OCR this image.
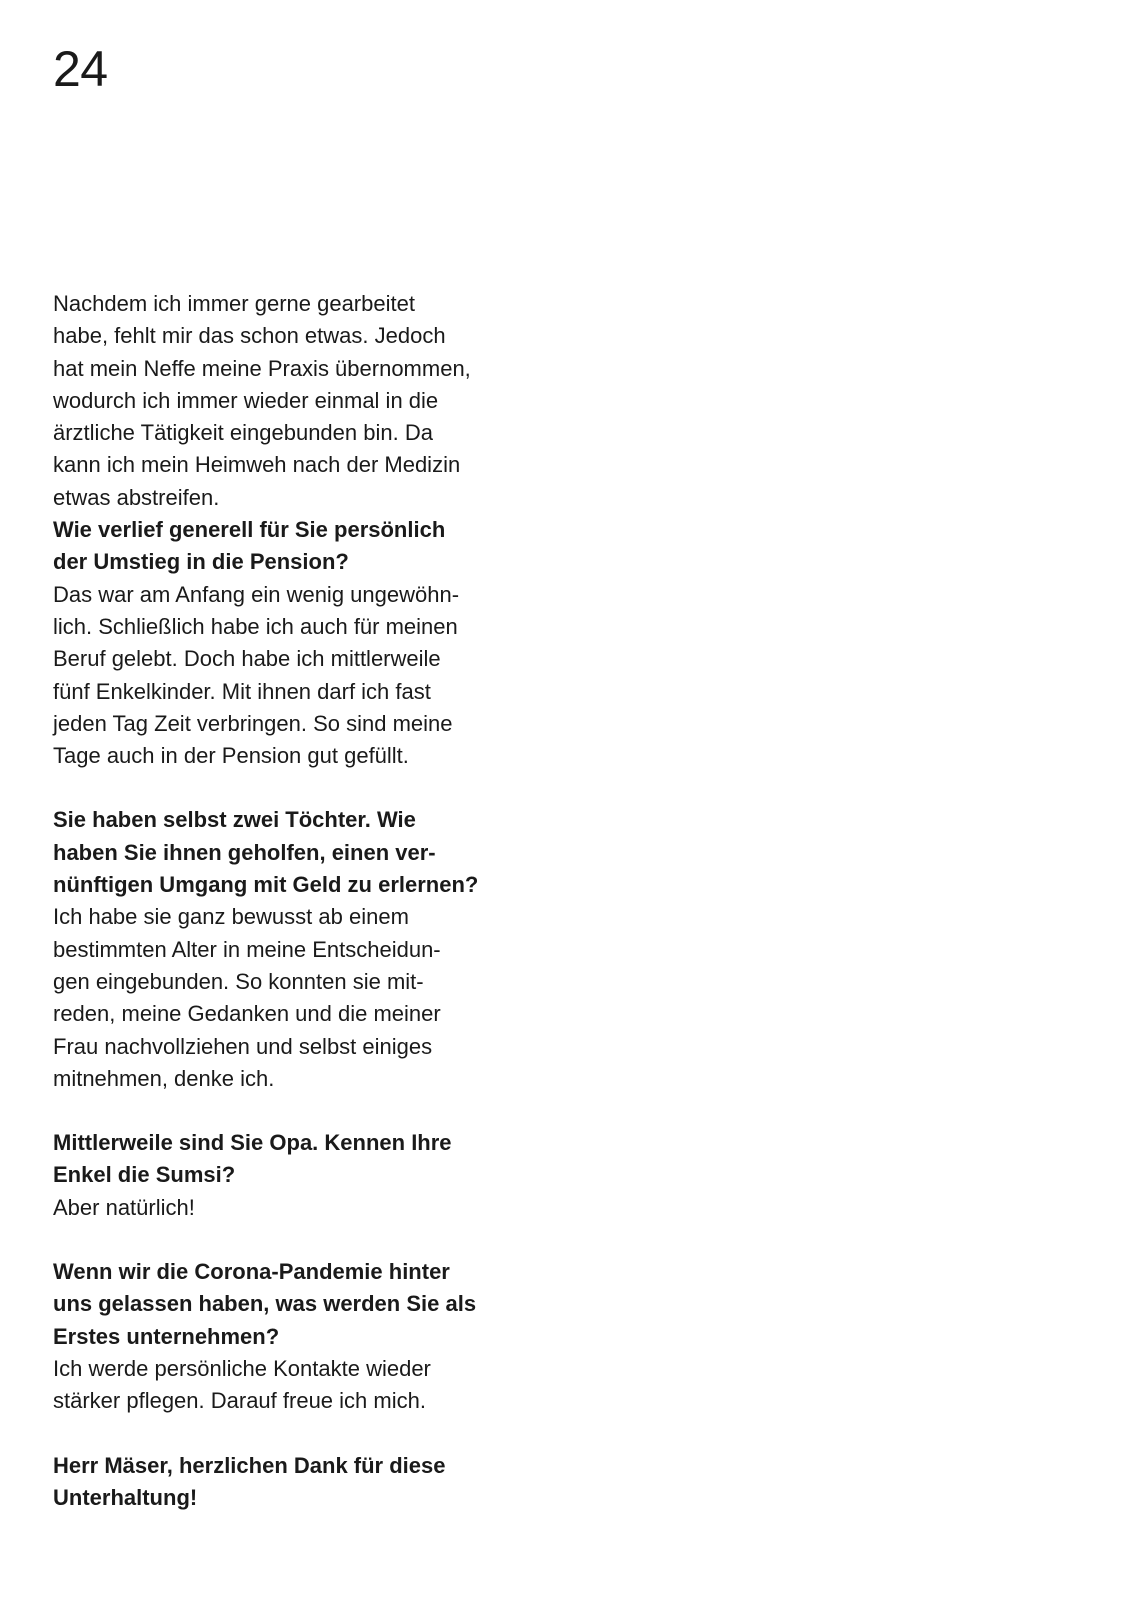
24

Nachdem ich immer gerne gearbeitet
habe, fehlt mir das schon etwas. Jedoch
hat mein Neffe meine Praxis übernommen,
wodurch ich immer wieder einmal in die
ärztliche Tätigkeit eingebunden bin. Da
kann ich mein Heimweh nach der Medizin
etwas abstreifen.

Wie verlief generell für Sie persönlich
der Umstieg in die Pension?

Das war am Anfang ein wenig ungewöhn-
lich. Schließlich habe ich auch für meinen
Beruf gelebt. Doch habe ich mittlerweile
fünf Enkelkinder. Mit ihnen darf ich fast
jeden Tag Zeit verbringen. So sind meine
Tage auch in der Pension gut gefüllt.

Sie haben selbst zwei Töchter. Wie
haben Sie ihnen geholfen, einen ver-
nünftigen Umgang mit Geld zu erlernen?

Ich habe sie ganz bewusst ab einem
bestimmten Alter in meine Entscheidun-
gen eingebunden. So konnten sie mit-
reden, meine Gedanken und die meiner
Frau nachvollziehen und selbst einiges
mitnehmen, denke ich.

Mittlerweile sind Sie Opa. Kennen Ihre
Enkel die Sumsi?

Aber natürlich!

Wenn wir die Corona-Pandemie hinter
uns gelassen haben, was werden Sie als
Erstes unternehmen?

Ich werde persönliche Kontakte wieder
stärker pflegen. Darauf freue ich mich.

Herr Mäser, herzlichen Dank für diese
Unterhaltung!
